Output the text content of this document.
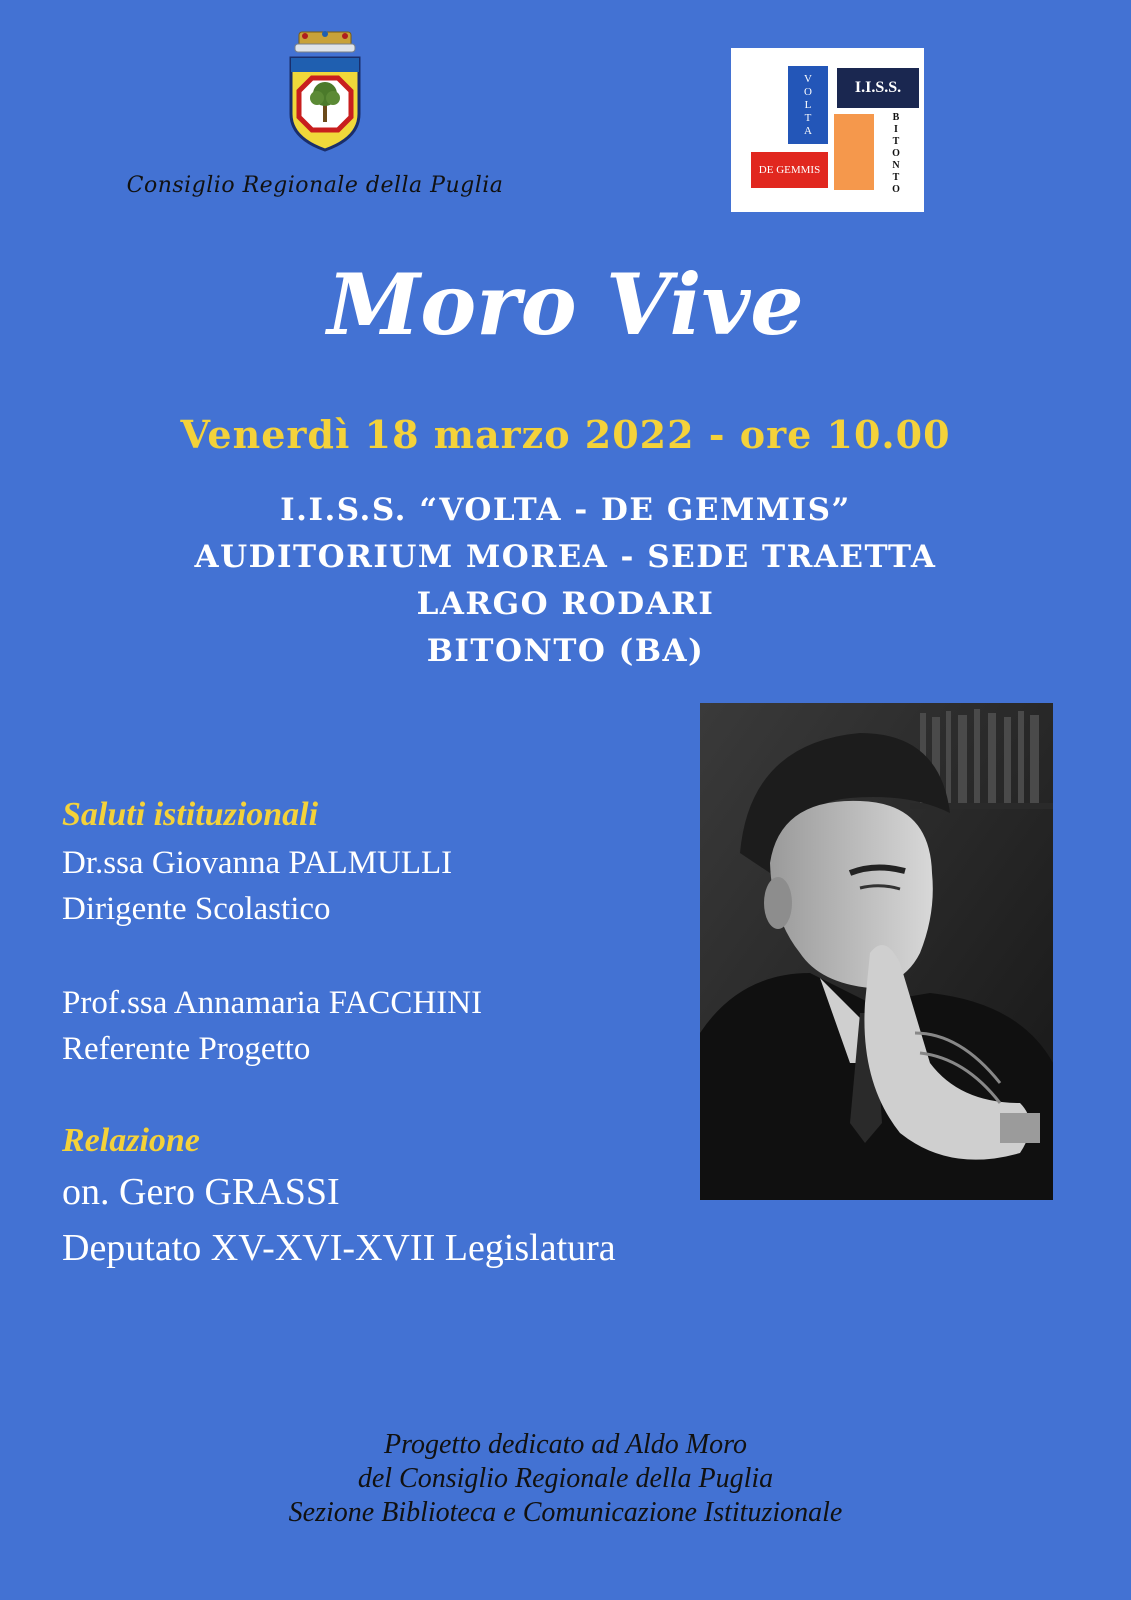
Consiglio Regionale della Puglia
VOLTA	I.I.S.S.
DE GEMMIS	BITONTO
Moro Vive
Venerdì 18 marzo 2022 - ore 10.00
I.I.S.S. “VOLTA - DE GEMMIS”
AUDITORIUM MOREA - SEDE TRAETTA
LARGO RODARI
BITONTO (BA)
Saluti istituzionali
Dr.ssa Giovanna PALMULLI
Dirigente Scolastico
Prof.ssa Annamaria FACCHINI
Referente Progetto
Relazione
on. Gero GRASSI
Deputato XV-XVI-XVII Legislatura
Progetto dedicato ad Aldo Moro
del Consiglio Regionale della Puglia
Sezione Biblioteca e Comunicazione Istituzionale
